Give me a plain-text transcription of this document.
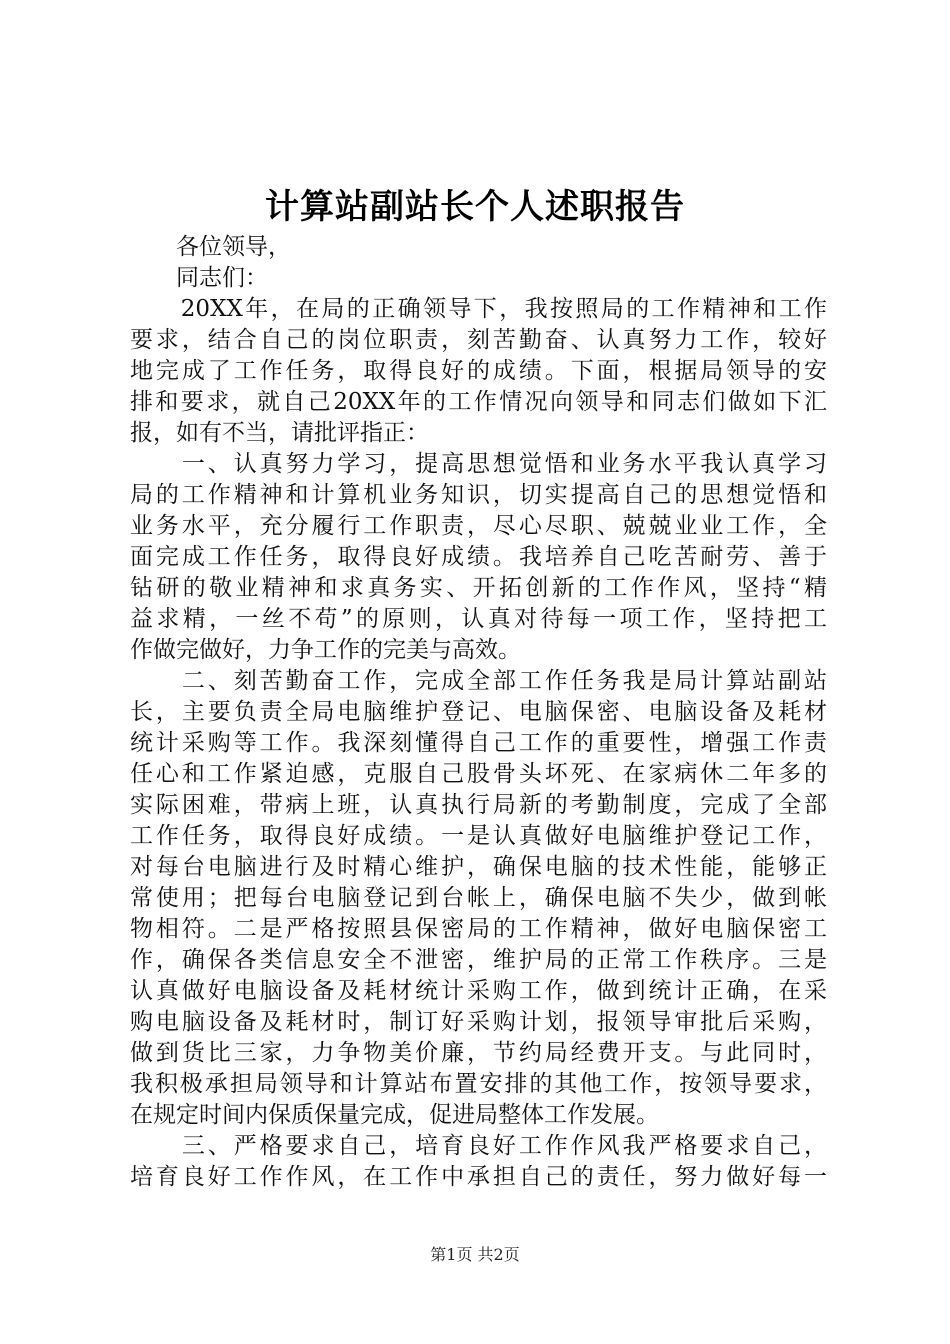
计算站副站长个人述职报告
　　各位领导，
　　同志们：
　　20XX年，在局的正确领导下，我按照局的工作精神和工作
要求，结合自己的岗位职责，刻苦勤奋、认真努力工作，较好
地完成了工作任务，取得良好的成绩。下面，根据局领导的安
排和要求，就自己20XX年的工作情况向领导和同志们做如下汇
报，如有不当，请批评指正：
　　一、认真努力学习，提高思想觉悟和业务水平我认真学习
局的工作精神和计算机业务知识，切实提高自己的思想觉悟和
业务水平，充分履行工作职责，尽心尽职、兢兢业业工作，全
面完成工作任务，取得良好成绩。我培养自己吃苦耐劳、善于
钻研的敬业精神和求真务实、开拓创新的工作作风，坚持“精
益求精，一丝不苟”的原则，认真对待每一项工作，坚持把工
作做完做好，力争工作的完美与高效。
　　二、刻苦勤奋工作，完成全部工作任务我是局计算站副站
长，主要负责全局电脑维护登记、电脑保密、电脑设备及耗材
统计采购等工作。我深刻懂得自己工作的重要性，增强工作责
任心和工作紧迫感，克服自己股骨头坏死、在家病休二年多的
实际困难，带病上班，认真执行局新的考勤制度，完成了全部
工作任务，取得良好成绩。一是认真做好电脑维护登记工作，
对每台电脑进行及时精心维护，确保电脑的技术性能，能够正
常使用；把每台电脑登记到台帐上，确保电脑不失少，做到帐
物相符。二是严格按照县保密局的工作精神，做好电脑保密工
作，确保各类信息安全不泄密，维护局的正常工作秩序。三是
认真做好电脑设备及耗材统计采购工作，做到统计正确，在采
购电脑设备及耗材时，制订好采购计划，报领导审批后采购，
做到货比三家，力争物美价廉，节约局经费开支。与此同时，
我积极承担局领导和计算站布置安排的其他工作，按领导要求，
在规定时间内保质保量完成，促进局整体工作发展。
　　三、严格要求自己，培育良好工作作风我严格要求自己，
培育良好工作作风，在工作中承担自己的责任，努力做好每一
第1页 共2页
